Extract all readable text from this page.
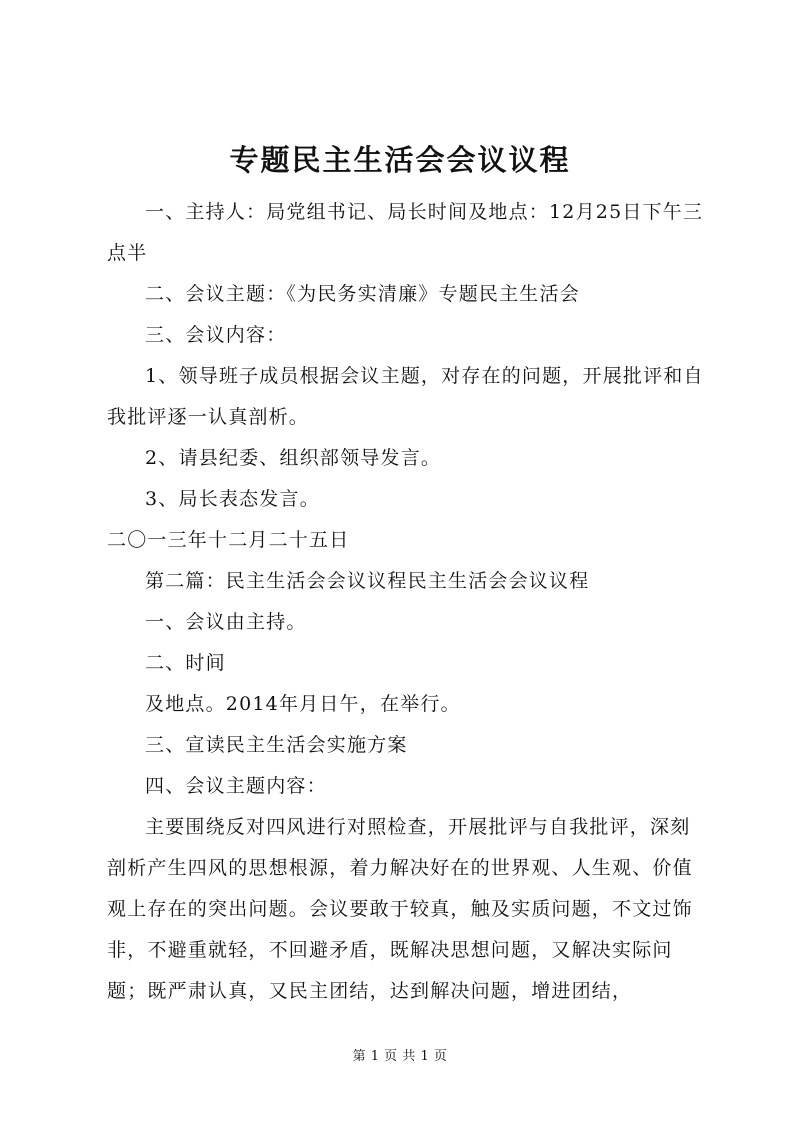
专题民主生活会会议议程

一、主持人：局党组书记、局长时间及地点：12月25日下午三点半

二、会议主题：《为民务实清廉》专题民主生活会

三、会议内容：

1、领导班子成员根据会议主题，对存在的问题，开展批评和自我批评逐一认真剖析。

2、请县纪委、组织部领导发言。

3、局长表态发言。

二〇一三年十二月二十五日

第二篇：民主生活会会议议程民主生活会会议议程

一、会议由主持。

二、时间

及地点。2014年月日午，在举行。

三、宣读民主生活会实施方案

四、会议主题内容：

主要围绕反对四风进行对照检查，开展批评与自我批评，深刻剖析产生四风的思想根源，着力解决好在的世界观、人生观、价值观上存在的突出问题。会议要敢于较真，触及实质问题，不文过饰非，不避重就轻，不回避矛盾，既解决思想问题，又解决实际问题；既严肃认真，又民主团结，达到解决问题，增进团结，

第 1 页 共 1 页
